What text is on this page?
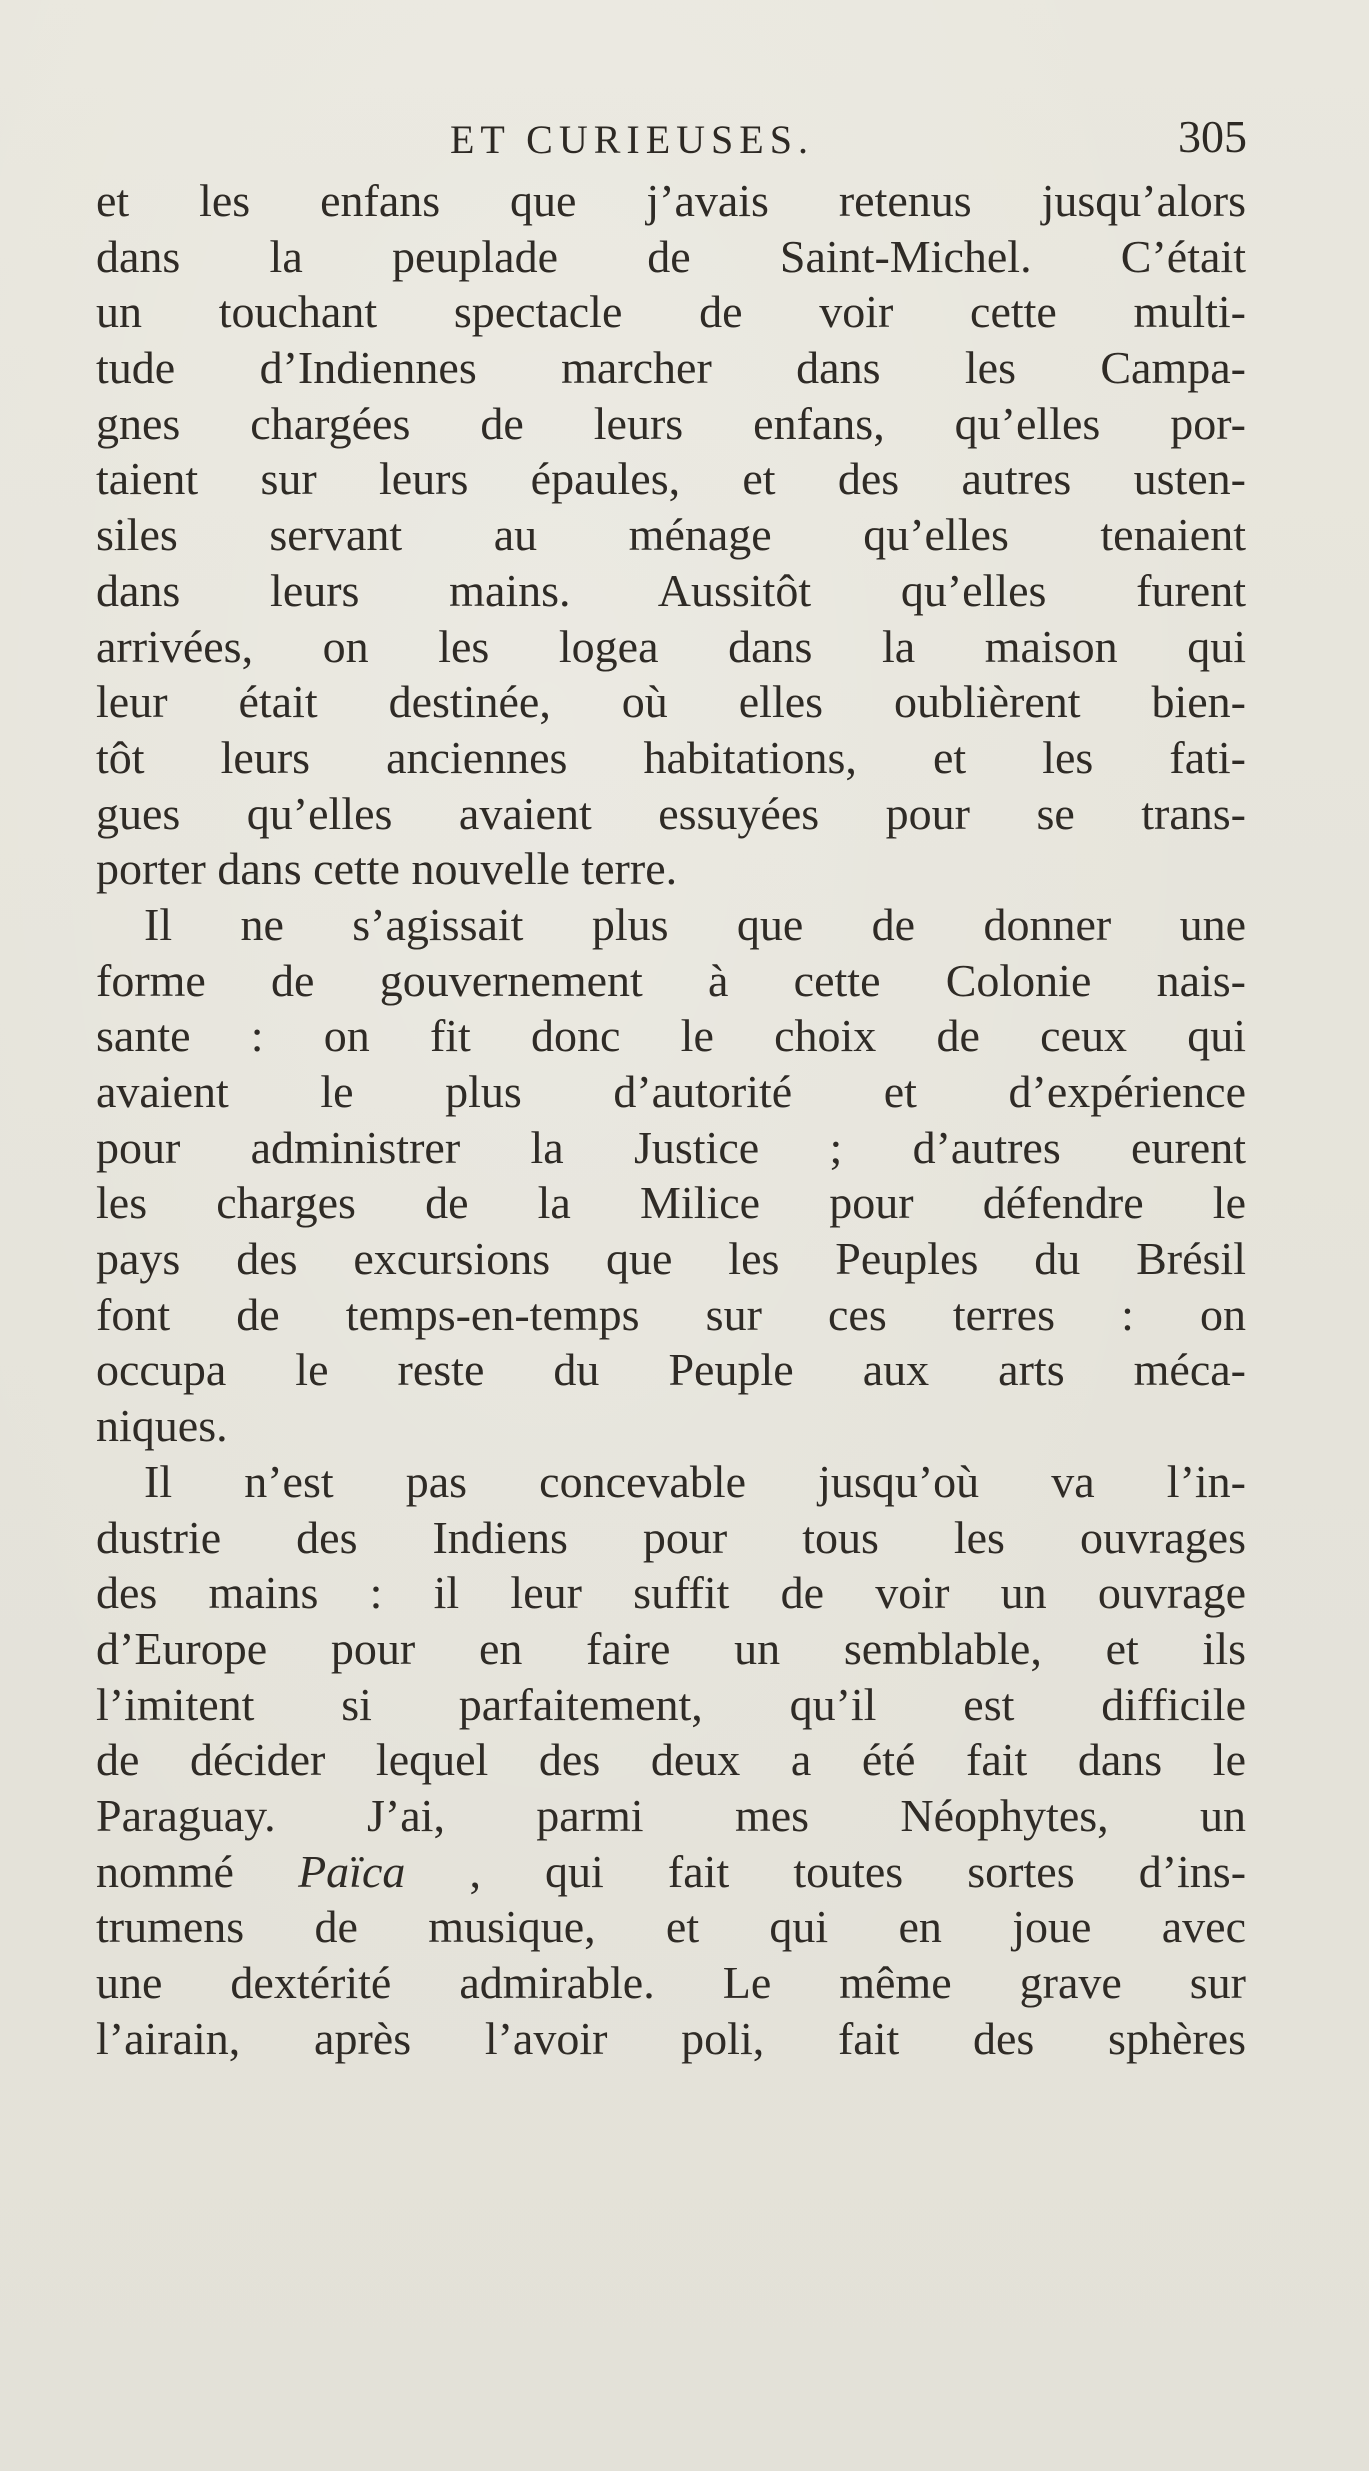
ET CURIEUSES.	305
et les enfans que j’avais retenus jusqu’alors
dans la peuplade de Saint-Michel. C’était
un touchant spectacle de voir cette multi-
tude d’Indiennes marcher dans les Campa-
gnes chargées de leurs enfans, qu’elles por-
taient sur leurs épaules, et des autres usten-
siles servant au ménage qu’elles tenaient
dans leurs mains. Aussitôt qu’elles furent
arrivées, on les logea dans la maison qui
leur était destinée, où elles oublièrent bien-
tôt leurs anciennes habitations, et les fati-
gues qu’elles avaient essuyées pour se trans-
porter dans cette nouvelle terre.
Il ne s’agissait plus que de donner une
forme de gouvernement à cette Colonie nais-
sante : on fit donc le choix de ceux qui
avaient le plus d’autorité et d’expérience
pour administrer la Justice ; d’autres eurent
les charges de la Milice pour défendre le
pays des excursions que les Peuples du Brésil
font de temps-en-temps sur ces terres : on
occupa le reste du Peuple aux arts méca-
niques.
Il n’est pas concevable jusqu’où va l’in-
dustrie des Indiens pour tous les ouvrages
des mains : il leur suffit de voir un ouvrage
d’Europe pour en faire un semblable, et ils
l’imitent si parfaitement, qu’il est difficile
de décider lequel des deux a été fait dans le
Paraguay. J’ai, parmi mes Néophytes, un
nommé Païca , qui fait toutes sortes d’ins-
trumens de musique, et qui en joue avec
une dextérité admirable. Le même grave sur
l’airain, après l’avoir poli, fait des sphères
